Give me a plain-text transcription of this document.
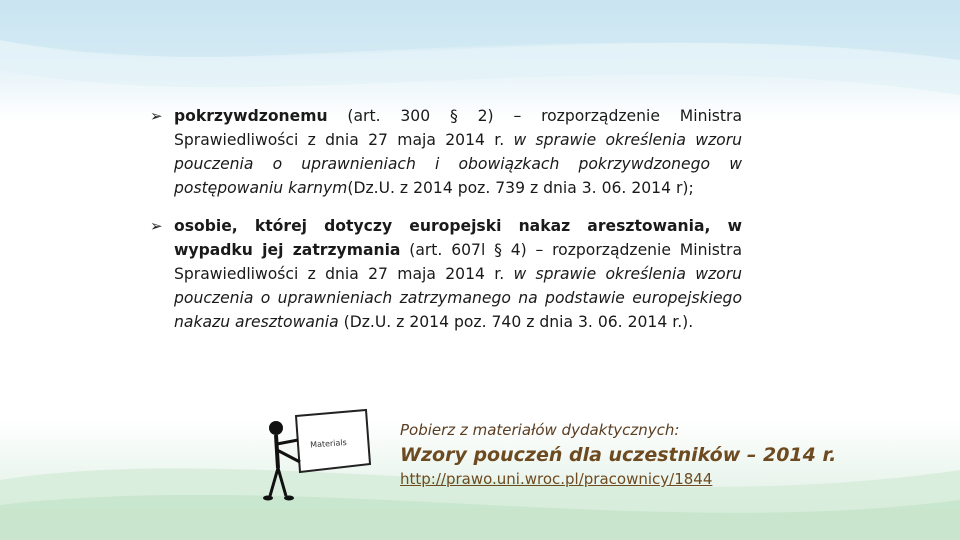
➢ pokrzywdzonemu (art. 300 § 2) – rozporządzenie Ministra Sprawiedliwości z dnia 27 maja 2014 r. w sprawie określenia wzoru pouczenia o uprawnieniach i obowiązkach pokrzywdzonego w postępowaniu karnym(Dz.U. z 2014 poz. 739 z dnia 3. 06. 2014 r);
➢ osobie, której dotyczy europejski nakaz aresztowania, w wypadku jej zatrzymania (art. 607l § 4) – rozporządzenie Ministra Sprawiedliwości z dnia 27 maja 2014 r. w sprawie określenia wzoru pouczenia o uprawnieniach zatrzymanego na podstawie europejskiego nakazu aresztowania (Dz.U. z 2014 poz. 740 z dnia 3. 06. 2014 r.).
Materials
Pobierz z materiałów dydaktycznych:
Wzory pouczeń dla uczestników – 2014 r.
http://prawo.uni.wroc.pl/pracownicy/1844
